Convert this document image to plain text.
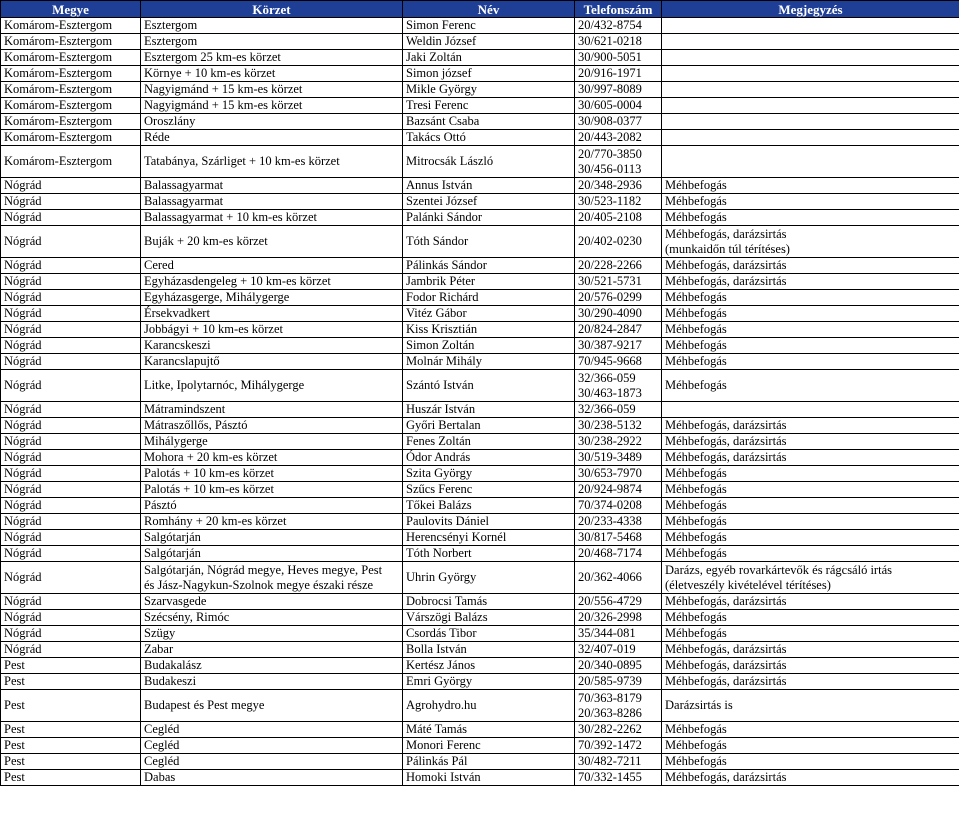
Megye	Körzet	Név	Telefonszám	Megjegyzés
Komárom-Esztergom	Esztergom	Simon Ferenc	20/432-8754	

Komárom-Esztergom	Esztergom	Weldin József	30/621-0218	

Komárom-Esztergom	Esztergom 25 km-es körzet	Jaki Zoltán	30/900-5051	

Komárom-Esztergom	Környe + 10 km-es körzet	Simon józsef	20/916-1971	

Komárom-Esztergom	Nagyigmánd + 15 km-es körzet	Mikle György	30/997-8089	

Komárom-Esztergom	Nagyigmánd + 15 km-es körzet	Tresi Ferenc	30/605-0004	

Komárom-Esztergom	Oroszlány	Bazsánt Csaba	30/908-0377	

Komárom-Esztergom	Réde	Takács Ottó	20/443-2082	

Komárom-Esztergom	Tatabánya, Szárliget + 10 km-es körzet	Mitrocsák László	20/770-3850
30/456-0113	

Nógrád	Balassagyarmat	Annus István	20/348-2936	Méhbefogás

Nógrád	Balassagyarmat	Szentei József	30/523-1182	Méhbefogás

Nógrád	Balassagyarmat + 10 km-es körzet	Palánki Sándor	20/405-2108	Méhbefogás

Nógrád	Buják + 20 km-es körzet	Tóth Sándor	20/402-0230	Méhbefogás, darázsirtás
(munkaidőn túl térítéses)

Nógrád	Cered	Pálinkás Sándor	20/228-2266	Méhbefogás, darázsirtás

Nógrád	Egyházasdengeleg + 10 km-es körzet	Jambrik Péter	30/521-5731	Méhbefogás, darázsirtás

Nógrád	Egyházasgerge, Mihálygerge	Fodor Richárd	20/576-0299	Méhbefogás

Nógrád	Érsekvadkert	Vitéz Gábor	30/290-4090	Méhbefogás

Nógrád	Jobbágyi + 10 km-es körzet	Kiss Krisztián	20/824-2847	Méhbefogás

Nógrád	Karancskeszi	Simon Zoltán	30/387-9217	Méhbefogás

Nógrád	Karancslapujtő	Molnár Mihály	70/945-9668	Méhbefogás

Nógrád	Litke, Ipolytarnóc, Mihálygerge	Szántó István	32/366-059
30/463-1873	Méhbefogás

Nógrád	Mátramindszent	Huszár István	32/366-059	

Nógrád	Mátraszőllős, Pásztó	Győri Bertalan	30/238-5132	Méhbefogás, darázsirtás

Nógrád	Mihálygerge	Fenes Zoltán	30/238-2922	Méhbefogás, darázsirtás

Nógrád	Mohora + 20 km-es körzet	Ódor András	30/519-3489	Méhbefogás, darázsirtás

Nógrád	Palotás + 10 km-es körzet	Szita György	30/653-7970	Méhbefogás

Nógrád	Palotás + 10 km-es körzet	Szűcs Ferenc	20/924-9874	Méhbefogás

Nógrád	Pásztó	Tőkei Balázs	70/374-0208	Méhbefogás

Nógrád	Romhány + 20 km-es körzet	Paulovits Dániel	20/233-4338	Méhbefogás

Nógrád	Salgótarján	Herencsényi Kornél	30/817-5468	Méhbefogás

Nógrád	Salgótarján	Tóth Norbert	20/468-7174	Méhbefogás

Nógrád	Salgótarján, Nógrád megye, Heves megye, Pest
és Jász-Nagykun-Szolnok megye északi része	Uhrin György	20/362-4066	Darázs, egyéb rovarkártevők és rágcsáló irtás
(életveszély kivételével térítéses)

Nógrád	Szarvasgede	Dobrocsi Tamás	20/556-4729	Méhbefogás, darázsirtás

Nógrád	Szécsény, Rimóc	Várszögi Balázs	20/326-2998	Méhbefogás

Nógrád	Szügy	Csordás Tibor	35/344-081	Méhbefogás

Nógrád	Zabar	Bolla István	32/407-019	Méhbefogás, darázsirtás

Pest	Budakalász	Kertész János	20/340-0895	Méhbefogás, darázsirtás

Pest	Budakeszi	Emri György	20/585-9739	Méhbefogás, darázsirtás

Pest	Budapest és Pest megye	Agrohydro.hu	70/363-8179
20/363-8286	Darázsirtás is

Pest	Cegléd	Máté Tamás	30/282-2262	Méhbefogás

Pest	Cegléd	Monori Ferenc	70/392-1472	Méhbefogás

Pest	Cegléd	Pálinkás Pál	30/482-7211	Méhbefogás

Pest	Dabas	Homoki István	70/332-1455	Méhbefogás, darázsirtás
